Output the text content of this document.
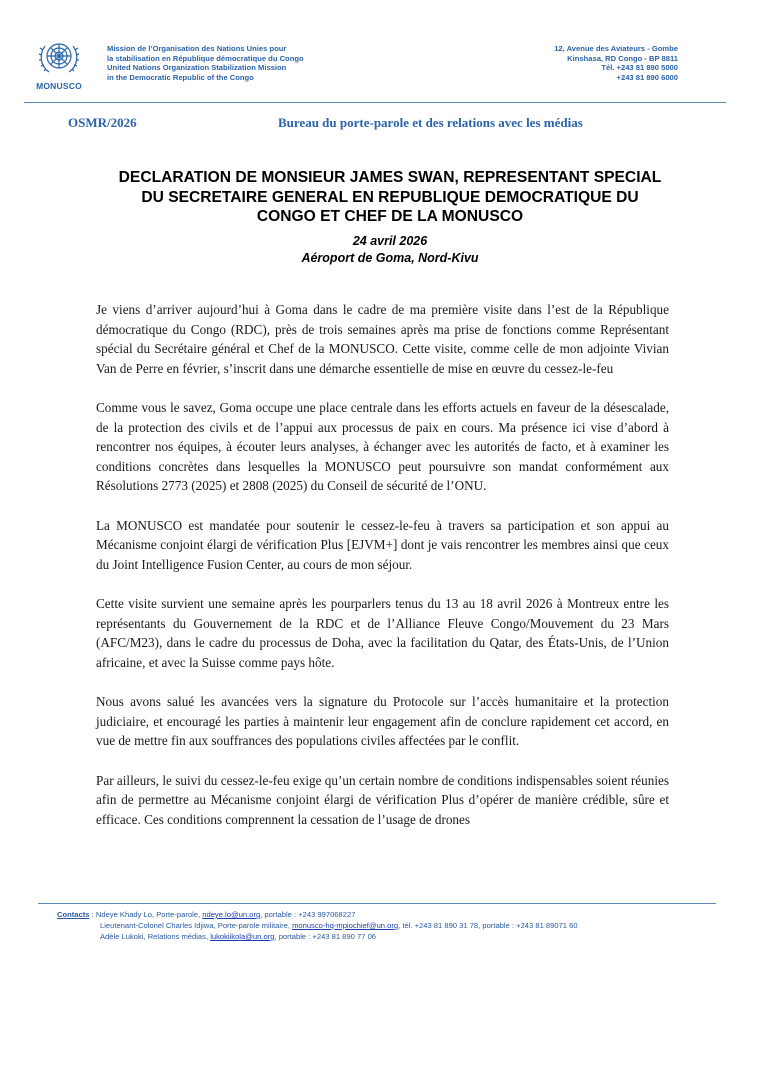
MONUSCO
Mission de l’Organisation des Nations Unies pour
la stabilisation en République démocratique du Congo
United Nations Organization Stabilization Mission
in the Democratic Republic of the Congo
12, Avenue des Aviateurs - Gombe
Kinshasa, RD Congo - BP 8811
Tél. +243 81 890 5000
+243 81 890 6000
OSMR/2026	Bureau du porte-parole et des relations avec les médias
DECLARATION DE MONSIEUR JAMES SWAN, REPRESENTANT SPECIAL
DU SECRETAIRE GENERAL EN REPUBLIQUE DEMOCRATIQUE DU
CONGO ET CHEF DE LA MONUSCO
24 avril 2026
Aéroport de Goma, Nord-Kivu

Je viens d’arriver aujourd’hui à Goma dans le cadre de ma première visite dans l’est de la République démocratique du Congo (RDC), près de trois semaines après ma prise de fonctions comme Représentant spécial du Secrétaire général et Chef de la MONUSCO. Cette visite, comme celle de mon adjointe Vivian Van de Perre en février, s’inscrit dans une démarche essentielle de mise en œuvre du cessez-le-feu

Comme vous le savez, Goma occupe une place centrale dans les efforts actuels en faveur de la désescalade, de la protection des civils et de l’appui aux processus de paix en cours. Ma présence ici vise d’abord à rencontrer nos équipes, à écouter leurs analyses, à échanger avec les autorités de facto, et à examiner les conditions concrètes dans lesquelles la MONUSCO peut poursuivre son mandat conformément aux Résolutions 2773 (2025) et 2808 (2025) du Conseil de sécurité de l’ONU.

La MONUSCO est mandatée pour soutenir le cessez-le-feu à travers sa participation et son appui au Mécanisme conjoint élargi de vérification Plus [EJVM+] dont je vais rencontrer les membres ainsi que ceux du Joint Intelligence Fusion Center, au cours de mon séjour.

Cette visite survient une semaine après les pourparlers tenus du 13 au 18 avril 2026 à Montreux entre les représentants du Gouvernement de la RDC et de l’Alliance Fleuve Congo/Mouvement du 23 Mars (AFC/M23), dans le cadre du processus de Doha, avec la facilitation du Qatar, des États-Unis, de l’Union africaine, et avec la Suisse comme pays hôte.

Nous avons salué les avancées vers la signature du Protocole sur l’accès humanitaire et la protection judiciaire, et encouragé les parties à maintenir leur engagement afin de conclure rapidement cet accord, en vue de mettre fin aux souffrances des populations civiles affectées par le conflit.

Par ailleurs, le suivi du cessez-le-feu exige qu’un certain nombre de conditions indispensables soient réunies afin de permettre au Mécanisme conjoint élargi de vérification Plus d’opérer de manière crédible, sûre et efficace. Ces conditions comprennent la cessation de l’usage de drones

Contacts : Ndeye Khady Lo, Porte-parole, ndeye.lo@un.org, portable : +243 997068227
Lieutenant-Colonel Charles Idjiwa, Porte-parole militaire, monusco-hq-mpiochief@un.org, tél. +243 81 890 31 78, portable : +243 81 89071 60
Adèle Lukoki, Relations médias, lukokiikola@un.org, portable : +243 81 890 77 06
